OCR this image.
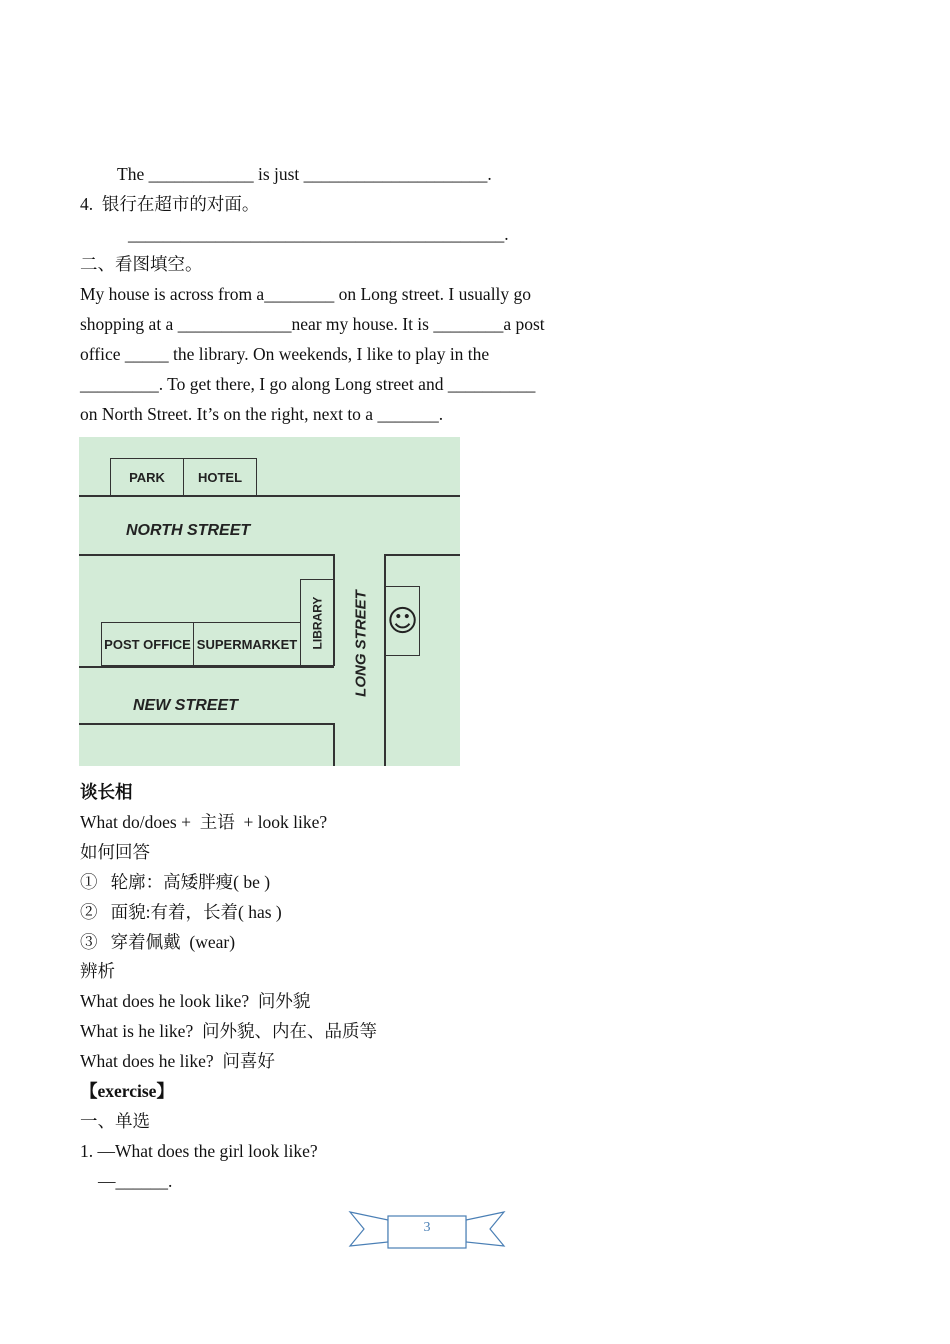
The ____________ is just _____________________.
4.  银行在超市的对面。
___________________________________________.
二、看图填空。
My house is across from a________ on Long street. I usually go
shopping at a _____________near my house. It is ________a post
office _____ the library. On weekends, I like to play in the
_________. To get there, I go along Long street and __________
on North Street. It’s on the right, next to a _______.
PARK	HOTEL
NORTH STREET
POST OFFICE SUPERMARKET	LIBRARY LONG STREET ☺
NEW STREET
谈长相
What do/does +  主语  + look like?
如何回答
①   轮廓：高矮胖瘦( be )
②   面貌:有着，长着( has )
③   穿着佩戴  (wear)
辨析
What does he look like?  问外貌
What is he like?  问外貌、内在、品质等
What does he like?  问喜好
【exercise】
一、单选
1. —What does the girl look like?
—______.
3
